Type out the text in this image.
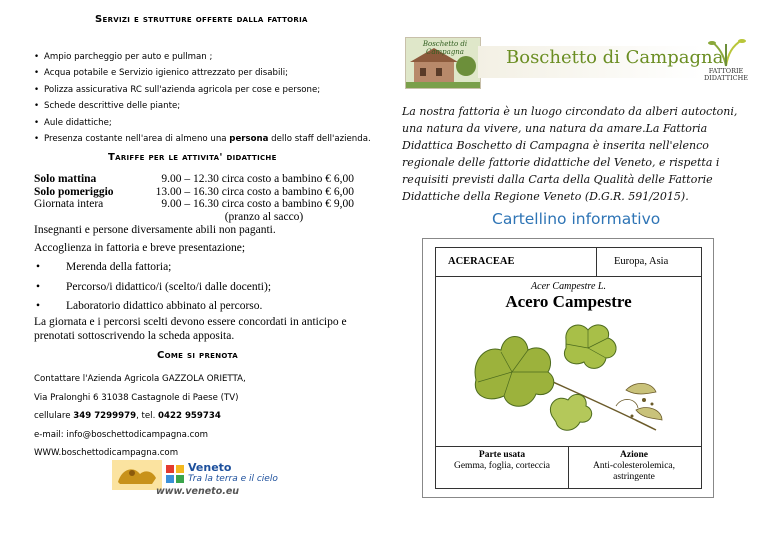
Servizi e strutture offerte dalla fattoria
• Ampio parcheggio per auto e pullman ;
• Acqua potabile e Servizio igienico attrezzato per disabili;
• Polizza assicurativa RC sull'azienda agricola per cose e persone;
• Schede descrittive delle piante;
• Aule didattiche;
• Presenza costante nell'area di almeno una persona dello staff dell'azienda.
Tariffe per le attivita' didattiche
Solo mattina	9.00 – 12.30 circa costo a bambino € 6,00
Solo pomeriggio	13.00 – 16.30 circa costo a bambino € 6,00
Giornata intera	9.00 – 16.30 circa costo a bambino € 9,00
(pranzo al sacco)
Insegnanti e persone diversamente abili non paganti.
Accoglienza in fattoria e breve presentazione;
• Merenda della fattoria;
• Percorso/i didattico/i (scelto/i dalle docenti);
• Laboratorio didattico abbinato al percorso.
La giornata e i percorsi scelti devono essere concordati in anticipo e
prenotati sottoscrivendo la scheda apposita.
Come si prenota
Contattare l'Azienda Agricola GAZZOLA ORIETTA,
Via Pralonghi 6 31038 Castagnole di Paese (TV)
cellulare 349 7299979, tel. 0422 959734
e-mail: info@boschettodicampagna.com
WWW.boschettodicampagna.com
Veneto
Tra la terra e il cielo
www.veneto.eu
Boschetto di Campagna	Boschetto di Campagna
FATTORIE
DIDATTICHE
La nostra fattoria è un luogo circondato da alberi autoctoni, una natura da vivere, una natura da amare.La Fattoria Didattica Boschetto di Campagna è inserita nell'elenco regionale delle fattorie didattiche del Veneto, e rispetta i requisiti previsti dalla Carta della Qualità delle Fattorie Didattiche della Regione Veneto (D.G.R. 591/2015).
Cartellino informativo
ACERACEAE	Europa, Asia
Acer Campestre L.
Acero Campestre
Parte usata
Gemma, foglia, corteccia
Azione
Anti-colesterolemica,
astringente
